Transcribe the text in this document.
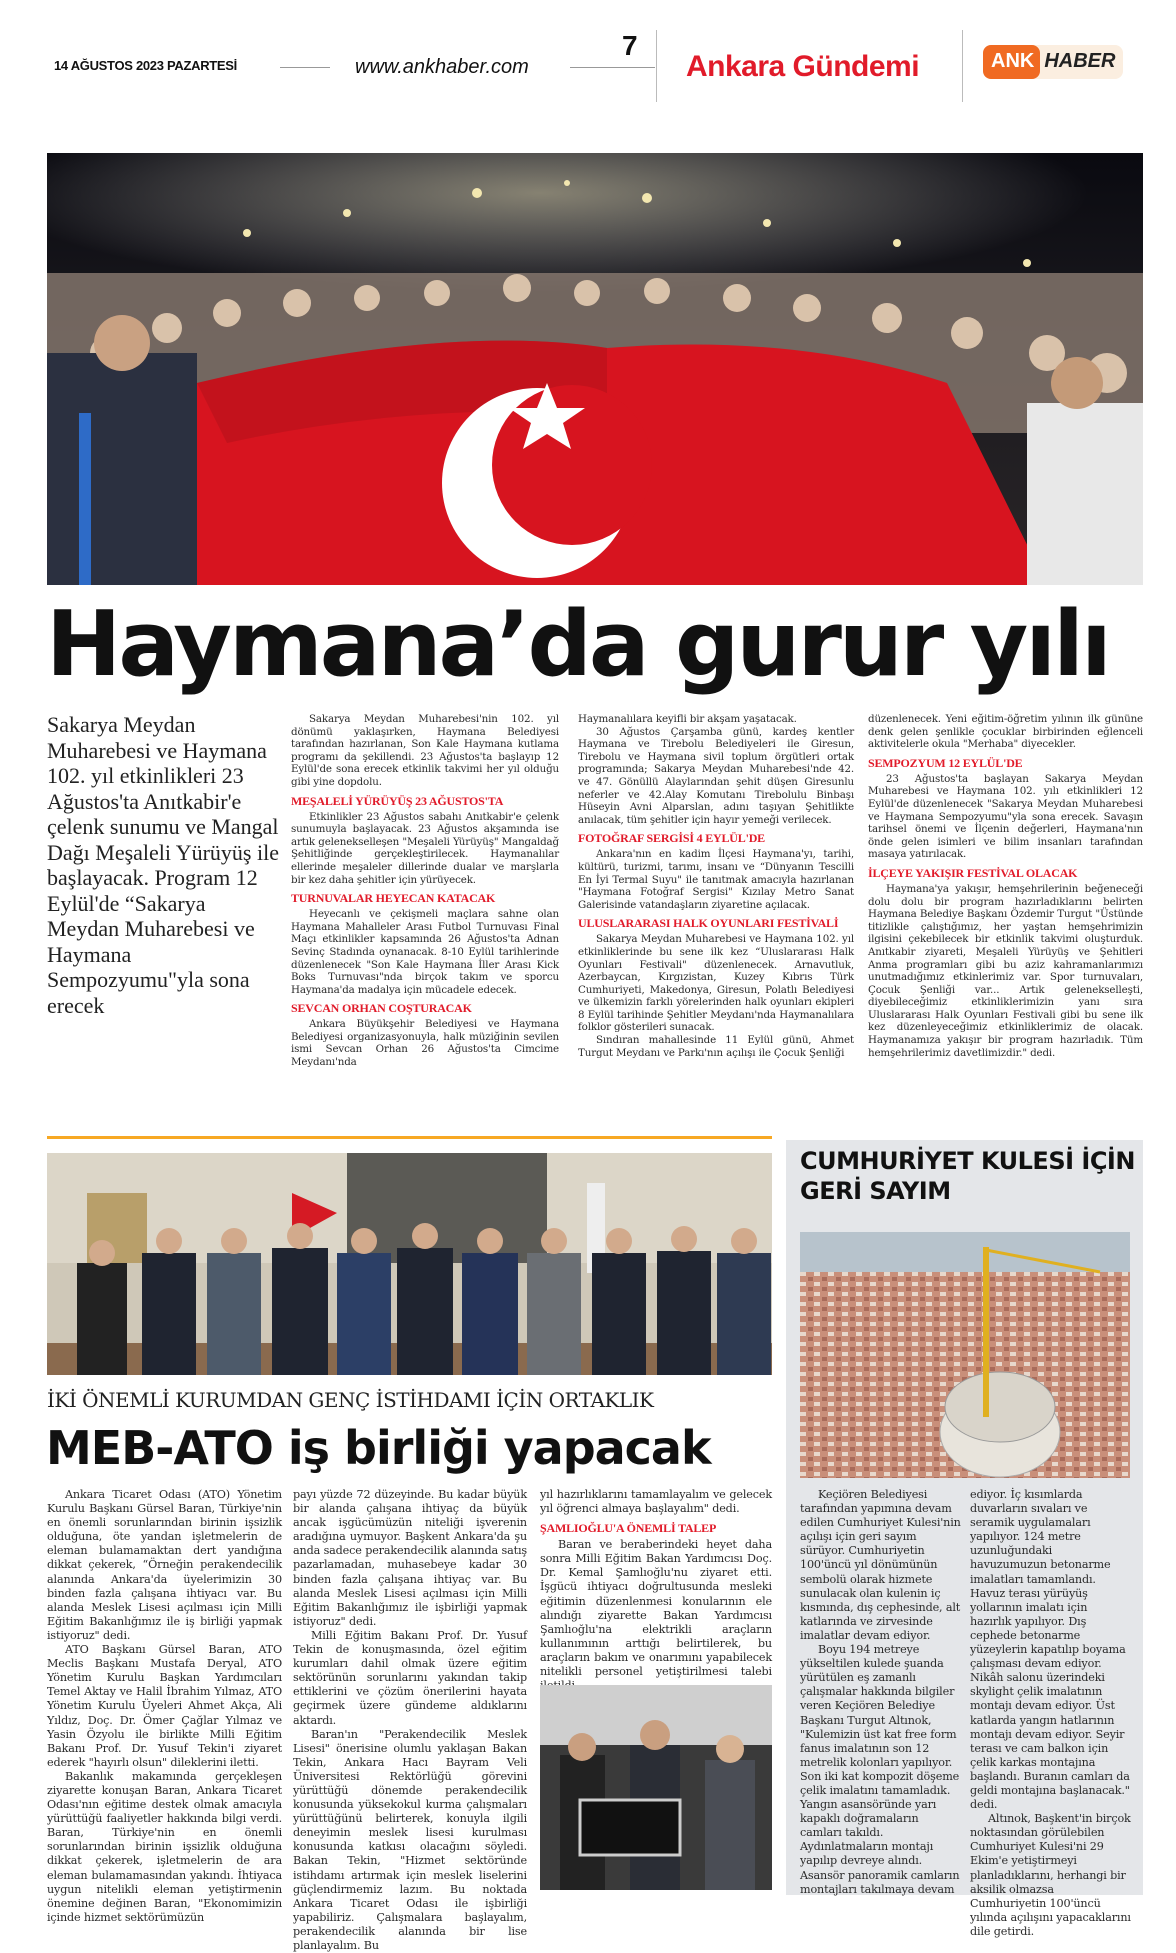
14 AĞUSTOS 2023 PAZARTESİ	www.ankhaber.com
7
Ankara Gündemi	ANK HABER
Haymana’da gurur yılı
Sakarya Meydan Muharebesi ve Haymana 102. yıl etkinlikleri 23 Ağustos'ta Anıtkabir'e çelenk sunumu ve Mangal Dağı Meşaleli Yürüyüş ile başlayacak. Program 12 Eylül'de “Sakarya Meydan Muharebesi ve Haymana Sempozyumu"yla sona erecek

Sakarya Meydan Muharebesi'nin 102. yıl dönümü yaklaşırken, Haymana Belediyesi tarafından hazırlanan, Son Kale Haymana kutlama programı da şekillendi. 23 Ağustos'ta başlayıp 12 Eylül'de sona erecek etkinlik takvimi her yıl olduğu gibi yine dopdolu.

MEŞALELİ YÜRÜYÜŞ 23 AĞUSTOS'TA

Etkinlikler 23 Ağustos sabahı Anıtkabir'e çelenk sunumuyla başlayacak. 23 Ağustos akşamında ise artık gelenekselleşen "Meşaleli Yürüyüş" Mangaldağ Şehitliğinde gerçekleştirilecek. Haymanalılar ellerinde meşaleler dillerinde dualar ve marşlarla bir kez daha şehitler için yürüyecek.

TURNUVALAR HEYECAN KATACAK

Heyecanlı ve çekişmeli maçlara sahne olan Haymana Mahalleler Arası Futbol Turnuvası Final Maçı etkinlikler kapsamında 26 Ağustos'ta Adnan Sevinç Stadında oynanacak. 8-10 Eylül tarihlerinde düzenlenecek "Son Kale Haymana İller Arası Kick Boks Turnuvası"nda birçok takım ve sporcu Haymana'da madalya için mücadele edecek.

SEVCAN ORHAN COŞTURACAK

Ankara Büyükşehir Belediyesi ve Haymana Belediyesi organizasyonuyla, halk müziğinin sevilen ismi Sevcan Orhan 26 Ağustos'ta Cimcime Meydanı'nda

Haymanalılara keyifli bir akşam yaşatacak.

30 Ağustos Çarşamba günü, kardeş kentler Haymana ve Tirebolu Belediyeleri ile Giresun, Tirebolu ve Haymana sivil toplum örgütleri ortak programında; Sakarya Meydan Muharebesi'nde 42. ve 47. Gönüllü Alaylarından şehit düşen Giresunlu neferler ve 42.Alay Komutanı Tirebolulu Binbaşı Hüseyin Avni Alparslan, adını taşıyan Şehitlikte anılacak, tüm şehitler için hayır yemeği verilecek.

FOTOĞRAF SERGİSİ 4 EYLÜL'DE

Ankara'nın en kadim İlçesi Haymana'yı, tarihi, kültürü, turizmi, tarımı, insanı ve “Dünyanın Tescilli En İyi Termal Suyu" ile tanıtmak amacıyla hazırlanan "Haymana Fotoğraf Sergisi" Kızılay Metro Sanat Galerisinde vatandaşların ziyaretine açılacak.

ULUSLARARASI HALK OYUNLARI FESTİVALİ

Sakarya Meydan Muharebesi ve Haymana 102. yıl etkinliklerinde bu sene ilk kez “Uluslararası Halk Oyunları Festivali" düzenlenecek. Arnavutluk, Azerbaycan, Kırgızistan, Kuzey Kıbrıs Türk Cumhuriyeti, Makedonya, Giresun, Polatlı Belediyesi ve ülkemizin farklı yörelerinden halk oyunları ekipleri 8 Eylül tarihinde Şehitler Meydanı'nda Haymanalılara folklor gösterileri sunacak.

Sındıran mahallesinde 11 Eylül günü, Ahmet Turgut Meydanı ve Parkı'nın açılışı ile Çocuk Şenliği

düzenlenecek. Yeni eğitim-öğretim yılının ilk gününe denk gelen şenlikle çocuklar birbirinden eğlenceli aktivitelerle okula "Merhaba" diyecekler.

SEMPOZYUM 12 EYLÜL'DE

23 Ağustos'ta başlayan Sakarya Meydan Muharebesi ve Haymana 102. yılı etkinlikleri 12 Eylül'de düzenlenecek "Sakarya Meydan Muharebesi ve Haymana Sempozyumu"yla sona erecek. Savaşın tarihsel önemi ve İlçenin değerleri, Haymana'nın önde gelen isimleri ve bilim insanları tarafından masaya yatırılacak.

İLÇEYE YAKIŞIR FESTİVAL OLACAK

Haymana'ya yakışır, hemşehrilerinin beğeneceği dolu dolu bir program hazırladıklarını belirten Haymana Belediye Başkanı Özdemir Turgut "Üstünde titizlikle çalıştığımız, her yaştan hemşehrimizin ilgisini çekebilecek bir etkinlik takvimi oluşturduk. Anıtkabir ziyareti, Meşaleli Yürüyüş ve Şehitleri Anma programları gibi bu aziz kahramanlarımızı unutmadığımız etkinlerimiz var. Spor turnuvaları, Çocuk Şenliği var... Artık gelenekselleşti, diyebileceğimiz etkinliklerimizin yanı sıra Uluslararası Halk Oyunları Festivali gibi bu sene ilk kez düzenleyeceğimiz etkinliklerimiz de olacak. Haymanamıza yakışır bir program hazırladık. Tüm hemşehrilerimiz davetlimizdir." dedi.

İKİ ÖNEMLİ KURUMDAN GENÇ İSTİHDAMI İÇİN ORTAKLIK
MEB-ATO iş birliği yapacak

Ankara Ticaret Odası (ATO) Yönetim Kurulu Başkanı Gürsel Baran, Türkiye'nin en önemli sorunlarından birinin işsizlik olduğuna, öte yandan işletmelerin de eleman bulamamaktan dert yandığına dikkat çekerek, “Örneğin perakendecilik alanında Ankara'da üyelerimizin 30 binden fazla çalışana ihtiyacı var. Bu alanda Meslek Lisesi açılması için Milli Eğitim Bakanlığımız ile iş birliği yapmak istiyoruz" dedi.

ATO Başkanı Gürsel Baran, ATO Meclis Başkanı Mustafa Deryal, ATO Yönetim Kurulu Başkan Yardımcıları Temel Aktay ve Halil İbrahim Yılmaz, ATO Yönetim Kurulu Üyeleri Ahmet Akça, Ali Yıldız, Doç. Dr. Ömer Çağlar Yılmaz ve Yasin Özyolu ile birlikte Milli Eğitim Bakanı Prof. Dr. Yusuf Tekin'i ziyaret ederek "hayırlı olsun" dileklerini iletti.

Bakanlık makamında gerçekleşen ziyarette konuşan Baran, Ankara Ticaret Odası'nın eğitime destek olmak amacıyla yürüttüğü faaliyetler hakkında bilgi verdi. Baran, Türkiye'nin en önemli sorunlarından birinin işsizlik olduğuna dikkat çekerek, işletmelerin de ara eleman bulamamasından yakındı. İhtiyaca uygun nitelikli eleman yetiştirmenin önemine değinen Baran, "Ekonomimizin içinde hizmet sektörümüzün

payı yüzde 72 düzeyinde. Bu kadar büyük bir alanda çalışana ihtiyaç da büyük ancak işgücümüzün niteliği işverenin aradığına uymuyor. Başkent Ankara'da şu anda sadece perakendecilik alanında satış pazarlamadan, muhasebeye kadar 30 binden fazla çalışana ihtiyaç var. Bu alanda Meslek Lisesi açılması için Milli Eğitim Bakanlığımız ile işbirliği yapmak istiyoruz" dedi.

Milli Eğitim Bakanı Prof. Dr. Yusuf Tekin de konuşmasında, özel eğitim kurumları dahil olmak üzere eğitim sektörünün sorunlarını yakından takip ettiklerini ve çözüm önerilerini hayata geçirmek üzere gündeme aldıklarını aktardı.

Baran'ın "Perakendecilik Meslek Lisesi" önerisine olumlu yaklaşan Bakan Tekin, Ankara Hacı Bayram Veli Üniversitesi Rektörlüğü görevini yürüttüğü dönemde perakendecilik konusunda yüksekokul kurma çalışmaları yürüttüğünü belirterek, konuyla ilgili deneyimin meslek lisesi kurulması konusunda katkısı olacağını söyledi. Bakan Tekin, "Hizmet sektöründe istihdamı artırmak için meslek liselerini güçlendirmemiz lazım. Bu noktada Ankara Ticaret Odası ile işbirliği yapabiliriz. Çalışmalara başlayalım, perakendecilik alanında bir lise planlayalım. Bu

yıl hazırlıklarını tamamlayalım ve gelecek yıl öğrenci almaya başlayalım" dedi.

ŞAMLIOĞLU'A ÖNEMLİ TALEP

Baran ve beraberindeki heyet daha sonra Milli Eğitim Bakan Yardımcısı Doç. Dr. Kemal Şamlıoğlu'nu ziyaret etti. İşgücü ihtiyacı doğrultusunda mesleki eğitimin düzenlenmesi konularının ele alındığı ziyarette Bakan Yardımcısı Şamlıoğlu'na elektrikli araçların kullanımının arttığı belirtilerek, bu araçların bakım ve onarımını yapabilecek nitelikli personel yetiştirilmesi talebi

CUMHURİYET KULESİ İÇİN GERİ SAYIM

Keçiören Belediyesi tarafından yapımına devam edilen Cumhuriyet Kulesi'nin açılışı için geri sayım sürüyor. Cumhuriyetin 100'üncü yıl dönümünün sembolü olarak hizmete sunulacak olan kulenin iç kısmında, dış cephesinde, alt katlarında ve zirvesinde imalatlar devam ediyor.

Boyu 194 metreye yükseltilen kulede şuanda yürütülen eş zamanlı çalışmalar hakkında bilgiler veren Keçiören Belediye Başkanı Turgut Altınok, "Kulemizin üst kat free form fanus imalatının son 12 metrelik kolonları yapılıyor. Son iki kat kompozit döşeme çelik imalatını tamamladık. Yangın asansöründe yarı kapaklı doğramaların camları takıldı. Aydınlatmaların montajı yapılıp devreye alındı. Asansör panoramik camların montajları takılmaya devam

ediyor. İç kısımlarda duvarların sıvaları ve seramik uygulamaları yapılıyor. 124 metre uzunluğundaki havuzumuzun betonarme imalatları tamamlandı. Havuz terası yürüyüş yollarının imalatı için hazırlık yapılıyor. Dış cephede betonarme yüzeylerin kapatılıp boyama çalışması devam ediyor. Nikâh salonu üzerindeki skylight çelik imalatının montajı devam ediyor. Üst katlarda yangın hatlarının montajı devam ediyor. Seyir terası ve cam balkon için çelik karkas montajına başlandı. Buranın camları da geldi montajına başlanacak." dedi.

Altınok, Başkent'in birçok noktasından görülebilen Cumhuriyet Kulesi'ni 29 Ekim'e yetiştirmeyi planladıklarını, herhangi bir aksilik olmazsa Cumhuriyetin 100'üncü yılında açılışını yapacaklarını dile getirdi.
